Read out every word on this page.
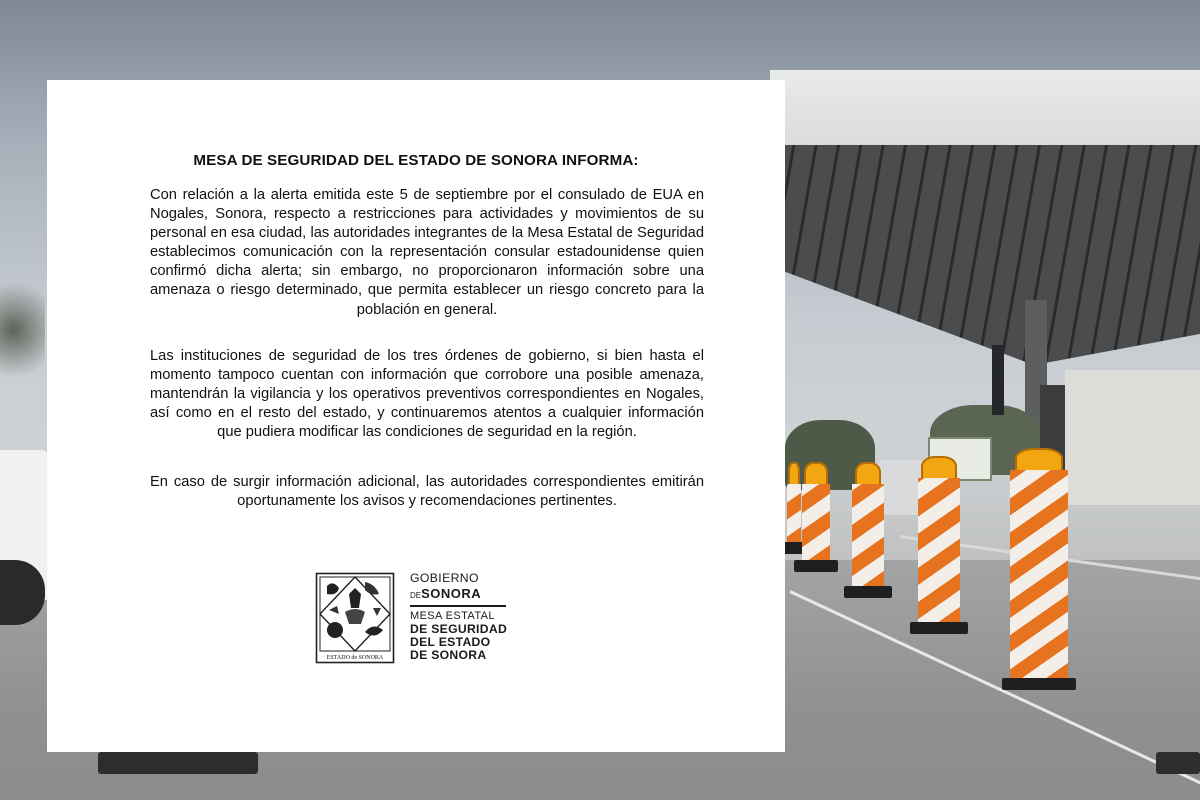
MESA DE SEGURIDAD DEL ESTADO DE SONORA INFORMA:

Con relación a la alerta emitida este 5 de septiembre por el consulado de EUA en Nogales, Sonora, respecto a restricciones para actividades y movimientos de su personal en esa ciudad, las autoridades integrantes de la Mesa Estatal de Seguridad establecimos comunicación con la representación consular estadounidense quien confirmó dicha alerta; sin embargo, no proporcionaron información sobre una amenaza o riesgo determinado, que permita establecer un riesgo concreto para la población en general.

Las instituciones de seguridad de los tres órdenes de gobierno, si bien hasta el momento tampoco cuentan con información que corrobore una posible amenaza, mantendrán la vigilancia y los operativos preventivos correspondientes en Nogales, así como en el resto del estado, y continuaremos atentos a cualquier información que pudiera modificar las condiciones de seguridad en la región.

En caso de surgir información adicional, las autoridades correspondientes emitirán oportunamente los avisos y recomendaciones pertinentes.

ESTADO de SONORA
GOBIERNO
DESONORA
MESA ESTATAL
DE SEGURIDAD
DEL ESTADO
DE SONORA
